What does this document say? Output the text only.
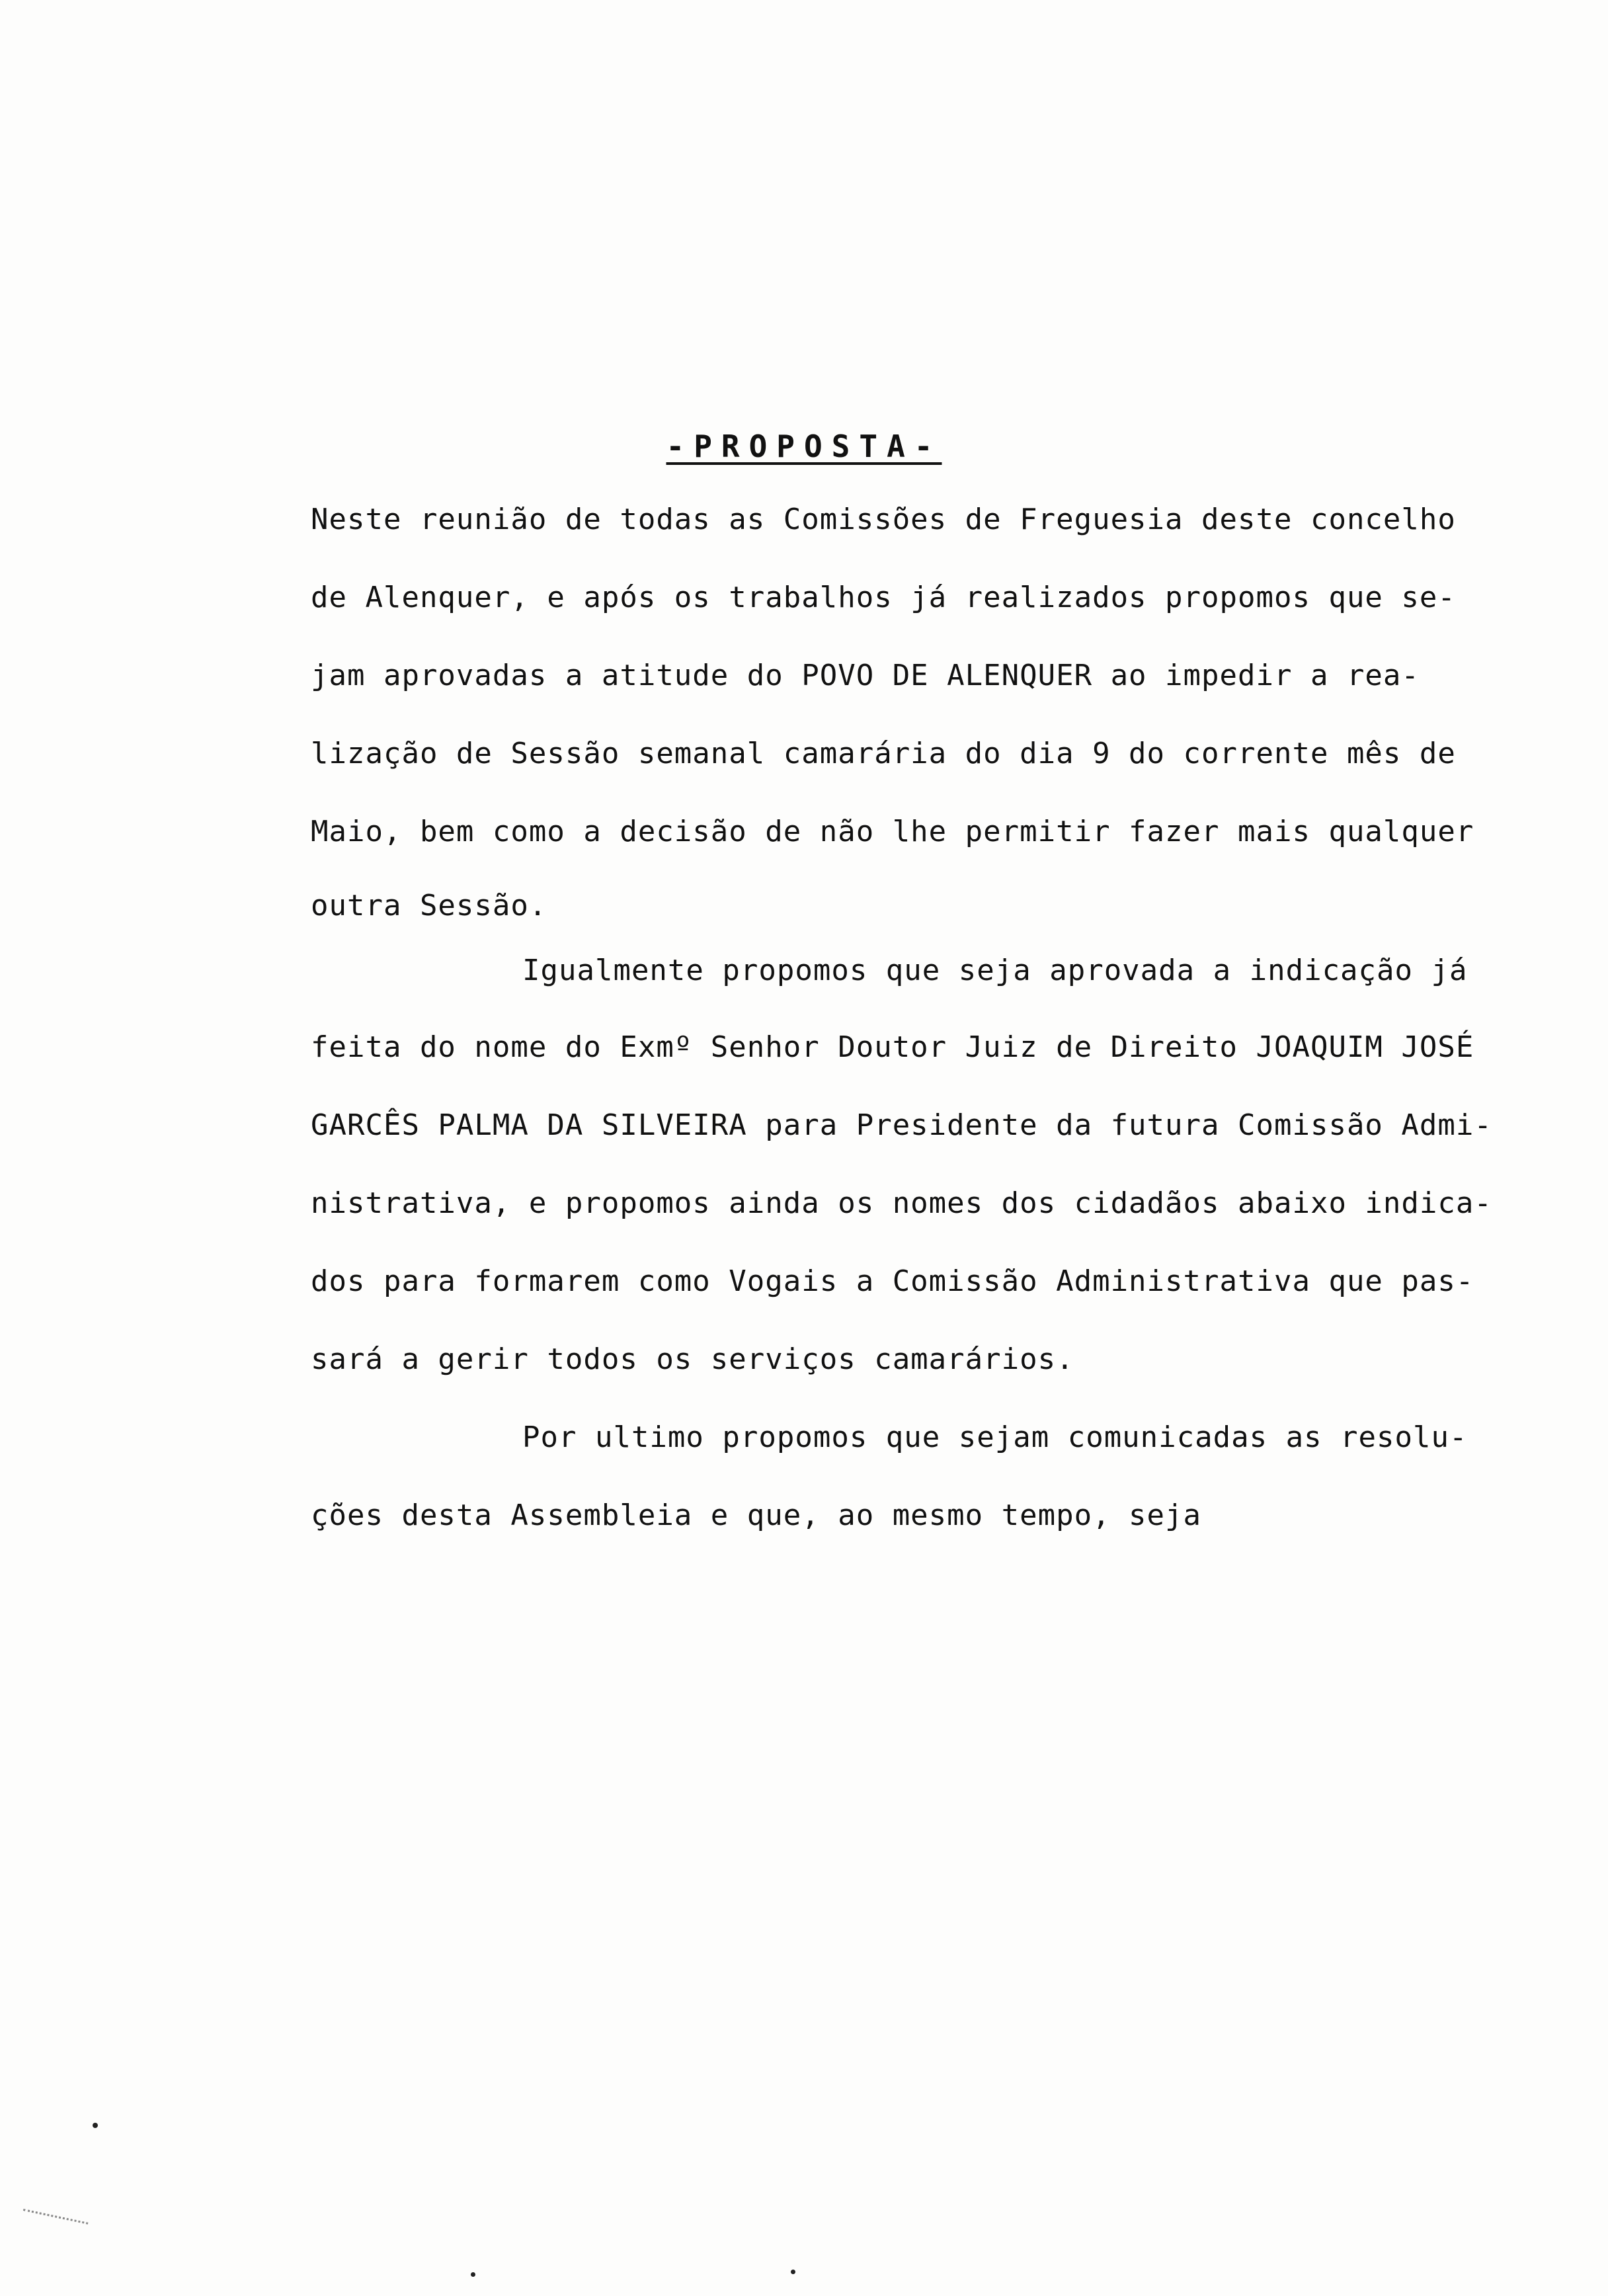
-PROPOSTA-
Neste reunião de todas as Comissões de Freguesia deste concelho
de Alenquer, e após os trabalhos já realizados propomos que se-
jam aprovadas a atitude do POVO DE ALENQUER ao impedir a rea-
lização de Sessão semanal camarária do dia 9 do corrente mês de
Maio, bem como a decisão de não lhe permitir fazer mais qualquer
outra Sessão.
Igualmente propomos que seja aprovada a indicação já
feita do nome do Exmº Senhor Doutor Juiz de Direito JOAQUIM JOSÉ
GARCÊS PALMA DA SILVEIRA para Presidente da futura Comissão Admi-
nistrativa, e propomos ainda os nomes dos cidadãos abaixo indica-
dos para formarem como Vogais a Comissão Administrativa que pas-
sará a gerir todos os serviços camarários.
Por ultimo propomos que sejam comunicadas as resolu-
ções desta Assembleia e que, ao mesmo tempo, seja
